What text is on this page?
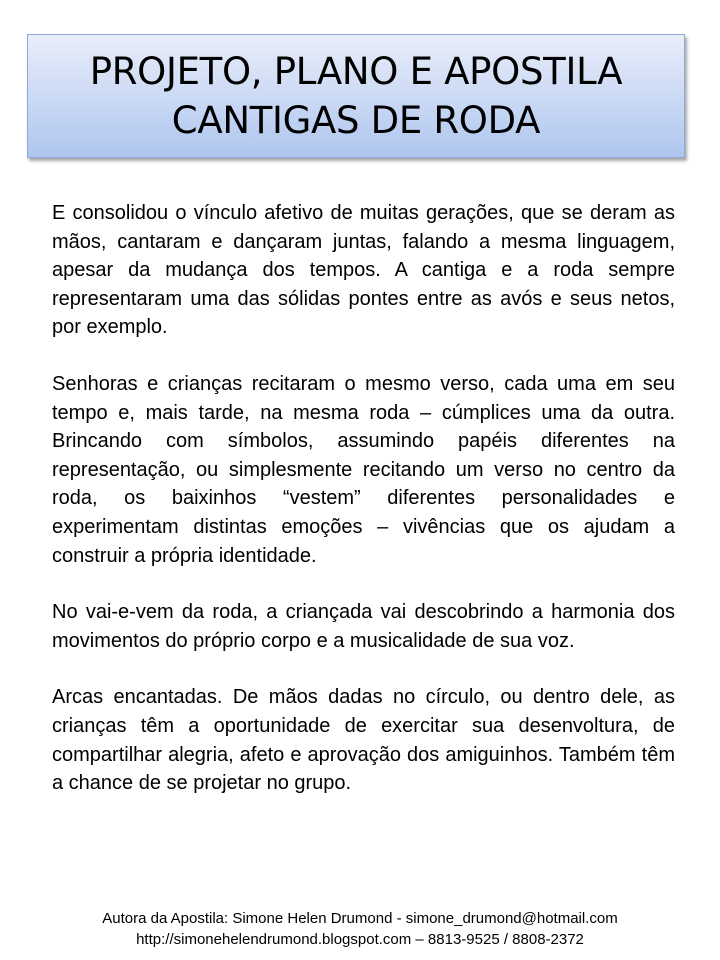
PROJETO, PLANO E APOSTILA
CANTIGAS DE RODA

E consolidou o vínculo afetivo de muitas gerações, que se deram as mãos, cantaram e dançaram juntas, falando a mesma linguagem, apesar da mudança dos tempos. A cantiga e a roda sempre representaram uma das sólidas pontes entre as avós e seus netos, por exemplo.

Senhoras e crianças recitaram o mesmo verso, cada uma em seu tempo e, mais tarde, na mesma roda – cúmplices uma da outra. Brincando com símbolos, assumindo papéis diferentes na representação, ou simplesmente recitando um verso no centro da roda, os baixinhos “vestem” diferentes personalidades e experimentam distintas emoções – vivências que os ajudam a construir a própria identidade.

No vai-e-vem da roda, a criançada vai descobrindo a harmonia dos movimentos do próprio corpo e a musicalidade de sua voz.

Arcas encantadas. De mãos dadas no círculo, ou dentro dele, as crianças têm a oportunidade de exercitar sua desenvoltura, de compartilhar alegria, afeto e aprovação dos amiguinhos. Também têm a chance de se projetar no grupo.

Autora da Apostila: Simone Helen Drumond - simone_drumond@hotmail.com
http://simonehelendrumond.blogspot.com – 8813-9525 / 8808-2372
